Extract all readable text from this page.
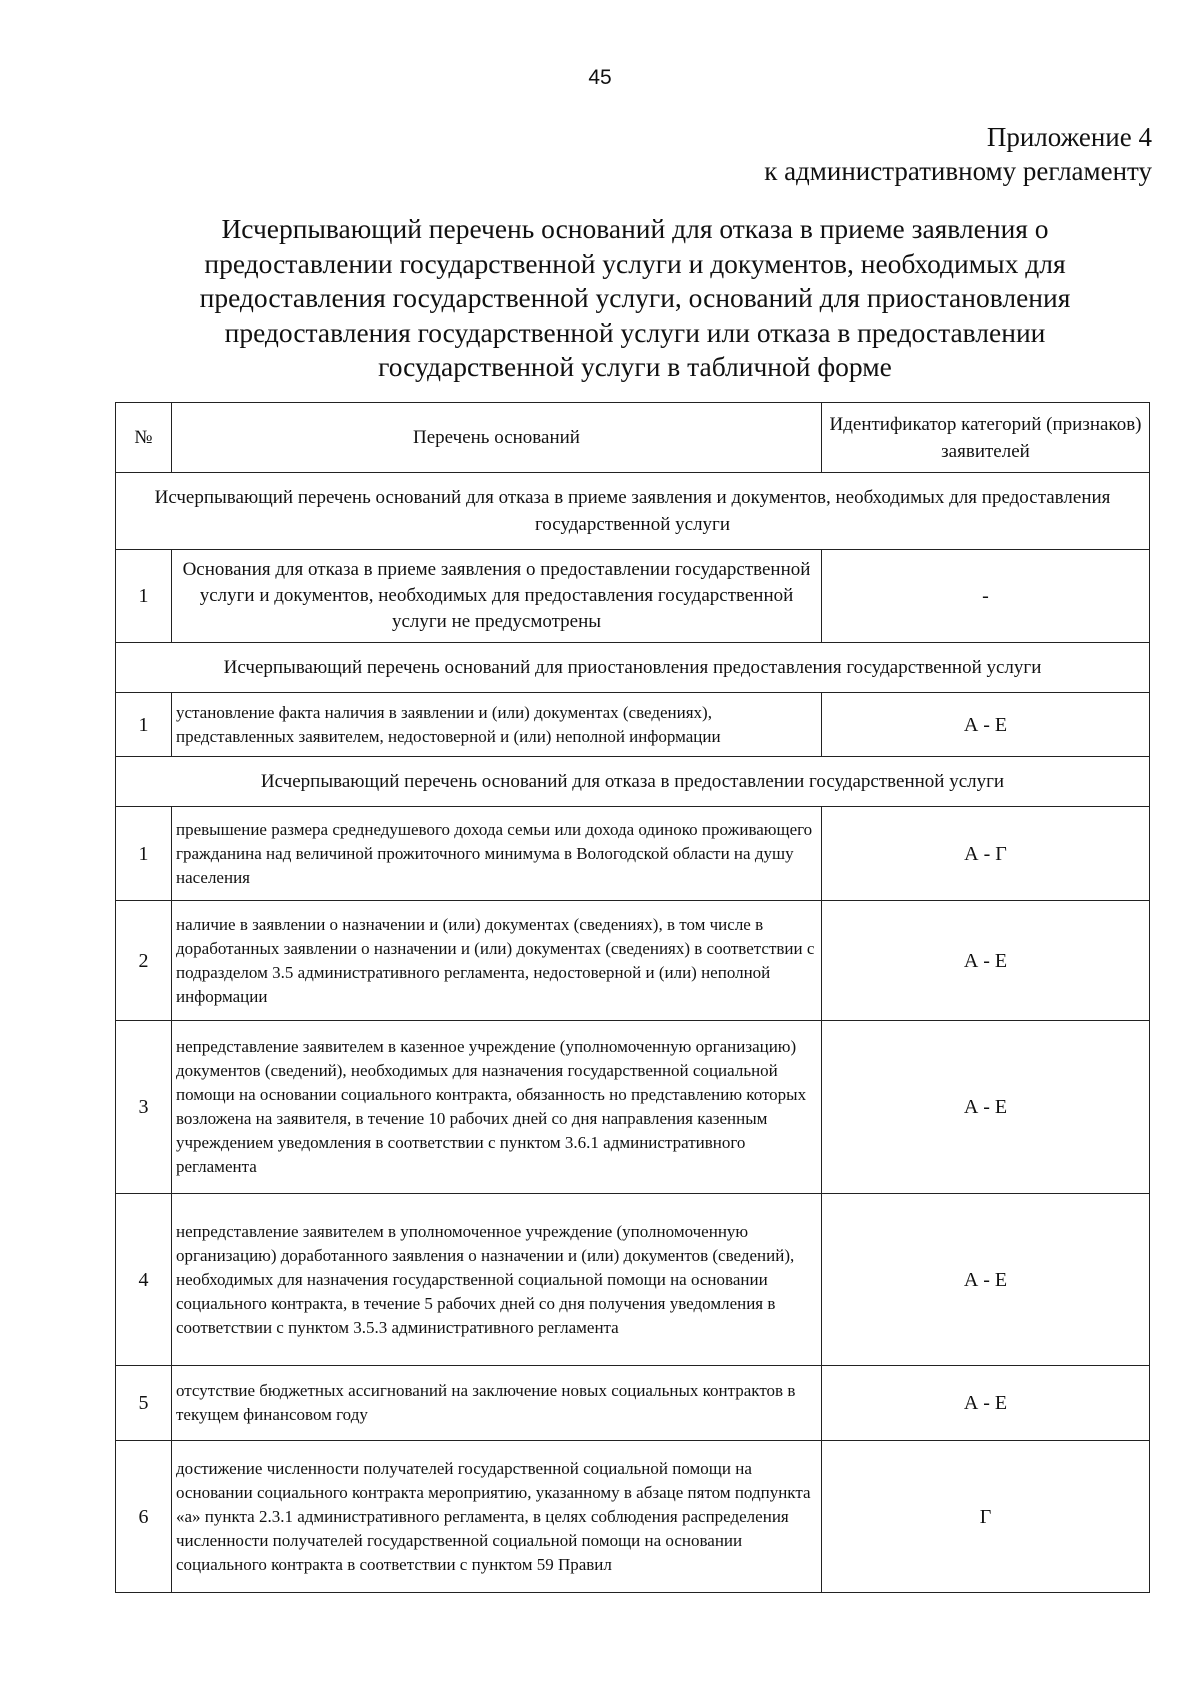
45
Приложение 4
к административному регламенту
Исчерпывающий перечень оснований для отказа в приеме заявления о
предоставлении государственной услуги и документов, необходимых для
предоставления государственной услуги, оснований для приостановления
предоставления государственной услуги или отказа в предоставлении
государственной услуги в табличной форме
№	Перечень оснований	Идентификатор категорий (признаков) заявителей
Исчерпывающий перечень оснований для отказа в приеме заявления и документов, необходимых для предоставления государственной услуги		
1	Основания для отказа в приеме заявления о предоставлении государственной услуги и документов, необходимых для предоставления государственной услуги не предусмотрены	-
Исчерпывающий перечень оснований для приостановления предоставления государственной услуги		
1	установление факта наличия в заявлении и (или) документах (сведениях), представленных заявителем, недостоверной и (или) неполной информации	А - Е
Исчерпывающий перечень оснований для отказа в предоставлении государственной услуги		
1	превышение размера среднедушевого дохода семьи или дохода одиноко проживающего гражданина над величиной прожиточного минимума в Вологодской области на душу населения	А - Г
2	наличие в заявлении о назначении и (или) документах (сведениях), в том числе в доработанных заявлении о назначении и (или) документах (сведениях) в соответствии с подразделом 3.5 административного регламента, недостоверной и (или) неполной информации	А - Е
3	непредставление заявителем в казенное учреждение (уполномоченную организацию) документов (сведений), необходимых для назначения государственной социальной помощи на основании социального контракта, обязанность но представлению которых возложена на заявителя, в течение 10 рабочих дней со дня направления казенным учреждением уведомления в соответствии с пунктом 3.6.1 административного регламента	А - Е
4	непредставление заявителем в уполномоченное учреждение (уполномоченную организацию) доработанного заявления о назначении и (или) документов (сведений), необходимых для назначения государственной социальной помощи на основании социального контракта, в течение 5 рабочих дней со дня получения уведомления в соответствии с пунктом 3.5.3 административного регламента	А - Е
5	отсутствие бюджетных ассигнований на заключение новых социальных контрактов в текущем финансовом году	А - Е
6	достижение численности получателей государственной социальной помощи на основании социального контракта мероприятию, указанному в абзаце пятом подпункта «а» пункта 2.3.1 административного регламента, в целях соблюдения распределения численности получателей государственной социальной помощи на основании социального контракта в соответствии с пунктом 59 Правил	Г
